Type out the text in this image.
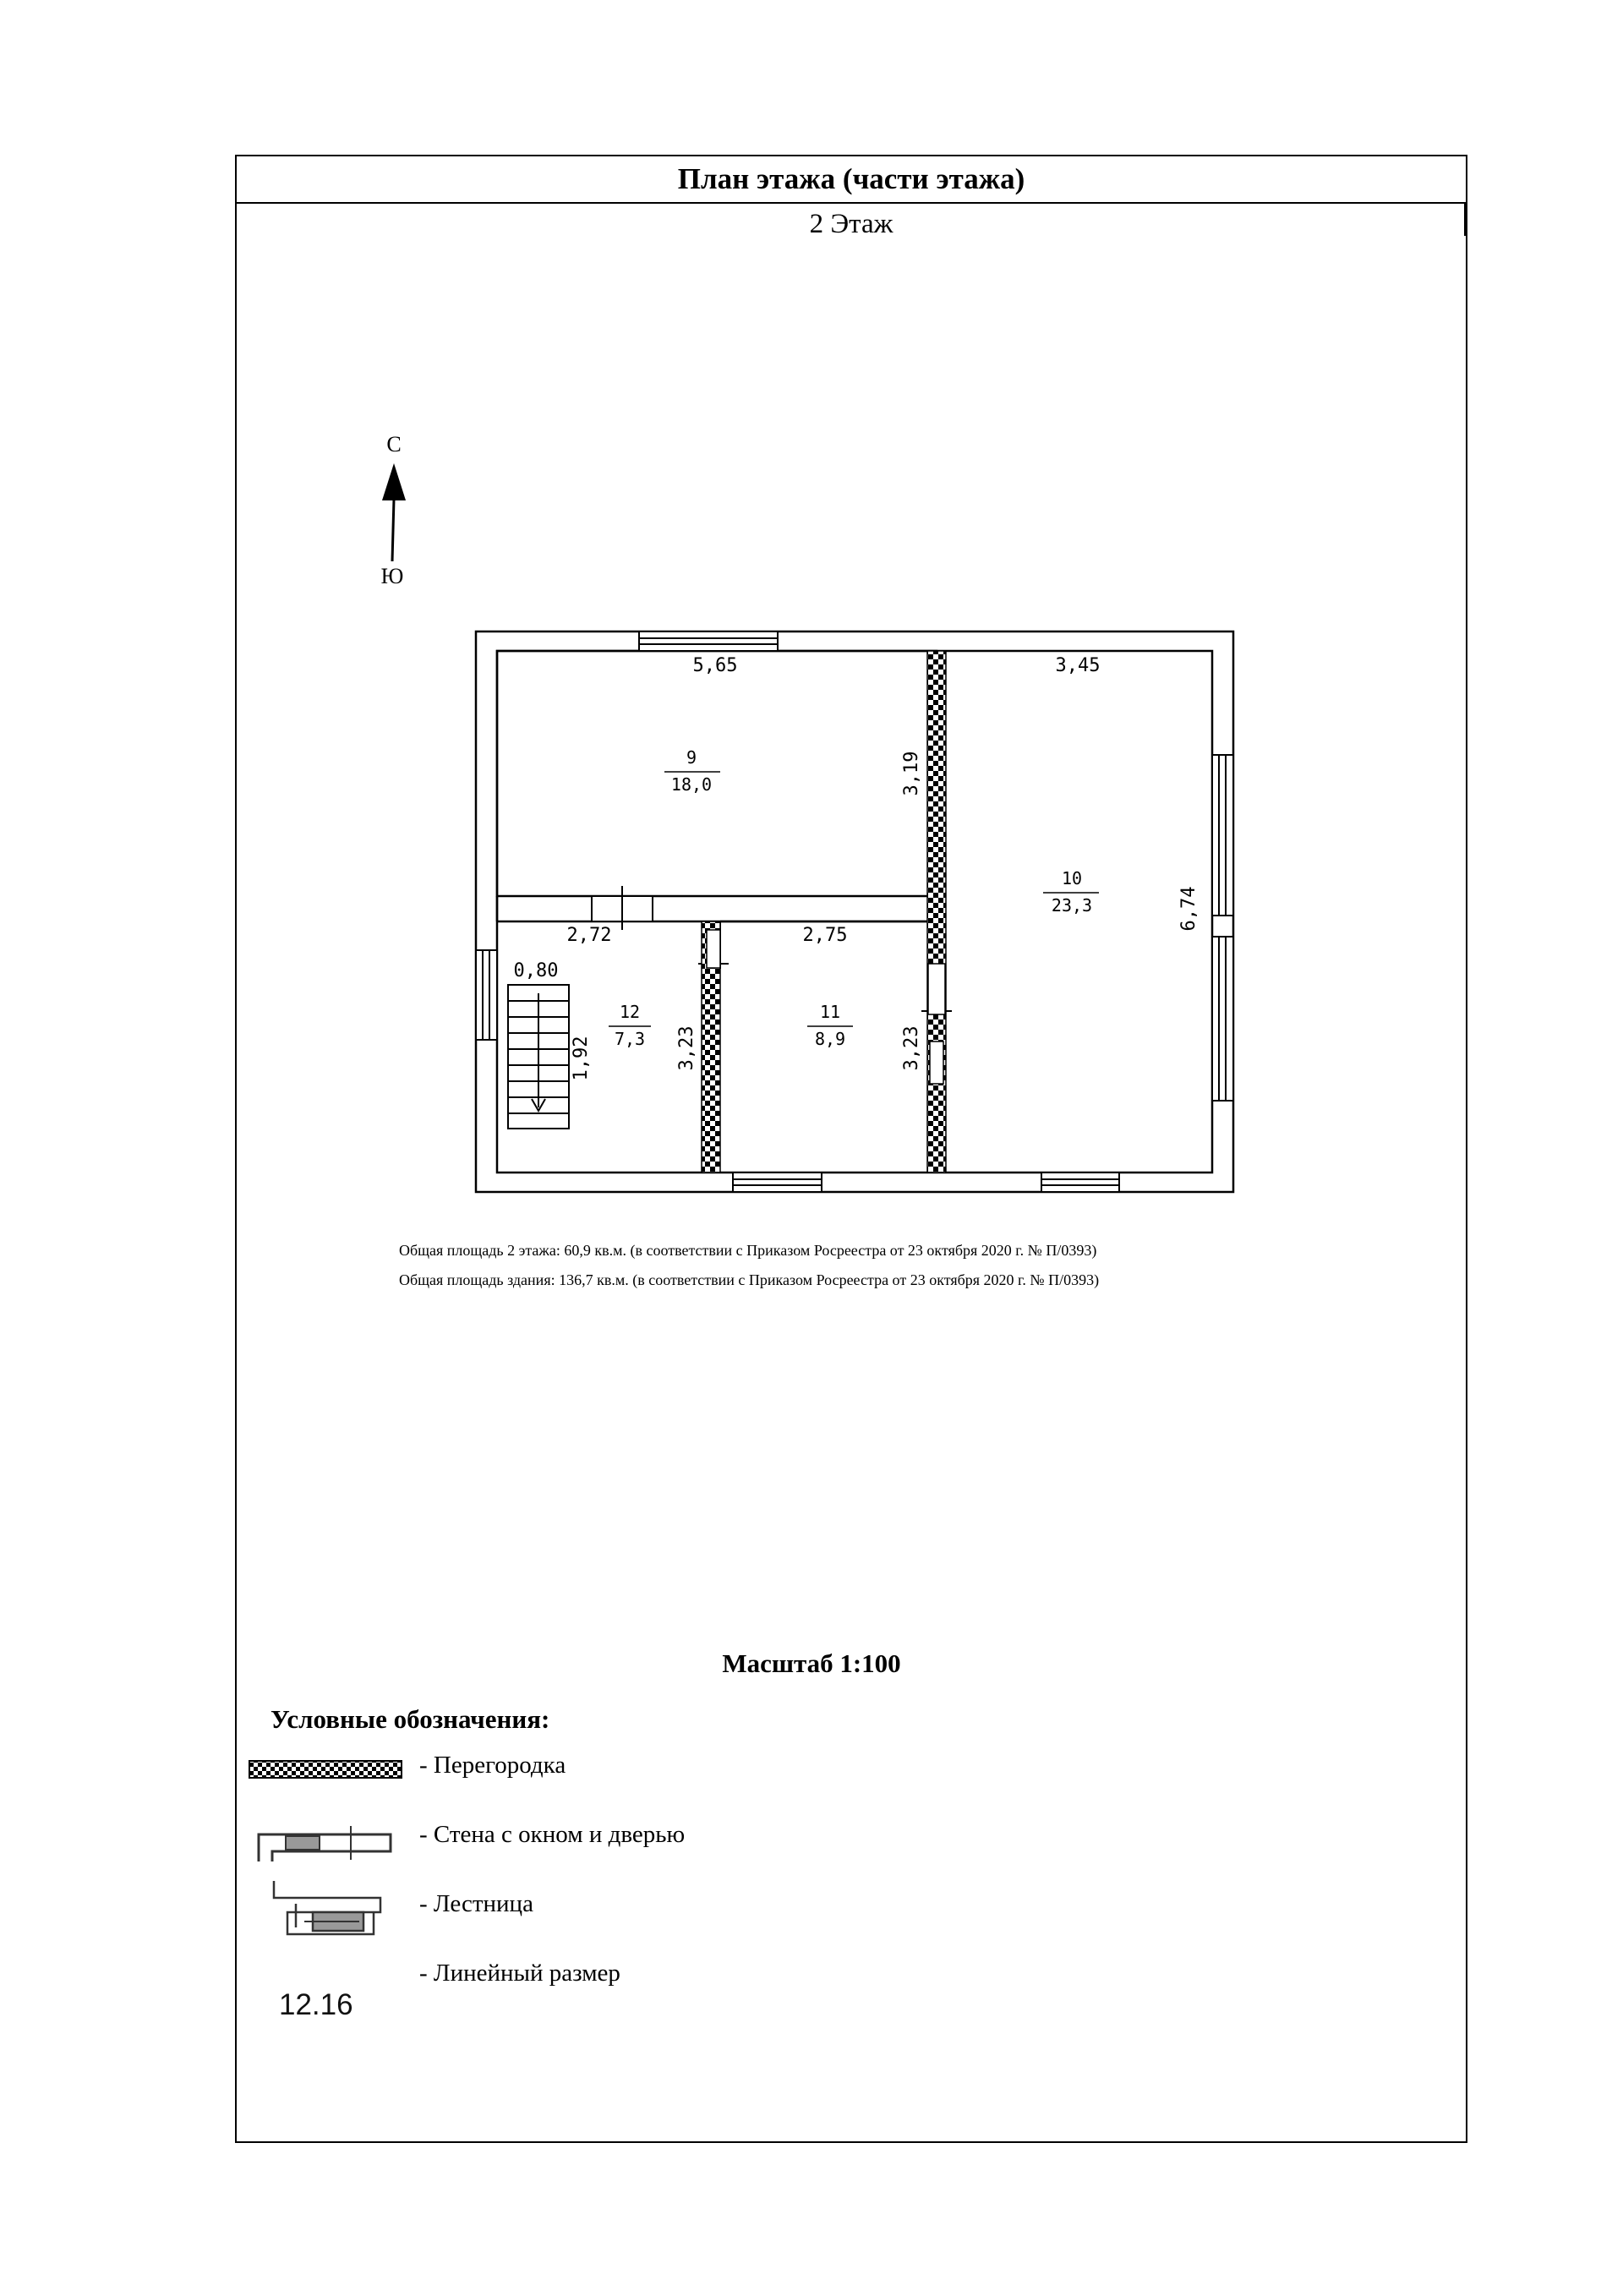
План этажа (части этажа)
2 Этаж
С
Ю
9
18,0
10
23,3
11
8,9
12
7,3
5,65	3,45
2,72	2,75
0,80
3,19
6,74
3,23	3,23
1,92
Общая площадь 2 этажа: 60,9 кв.м. (в соответствии с Приказом Росреестра от 23 октября 2020 г. № П/0393)
Общая площадь здания: 136,7 кв.м. (в соответствии с Приказом Росреестра от 23 октября 2020 г. № П/0393)
Масштаб 1:100
Условные обозначения:
- Перегородка
- Стена с окном и дверью
- Лестница
- Линейный размер
12.16
